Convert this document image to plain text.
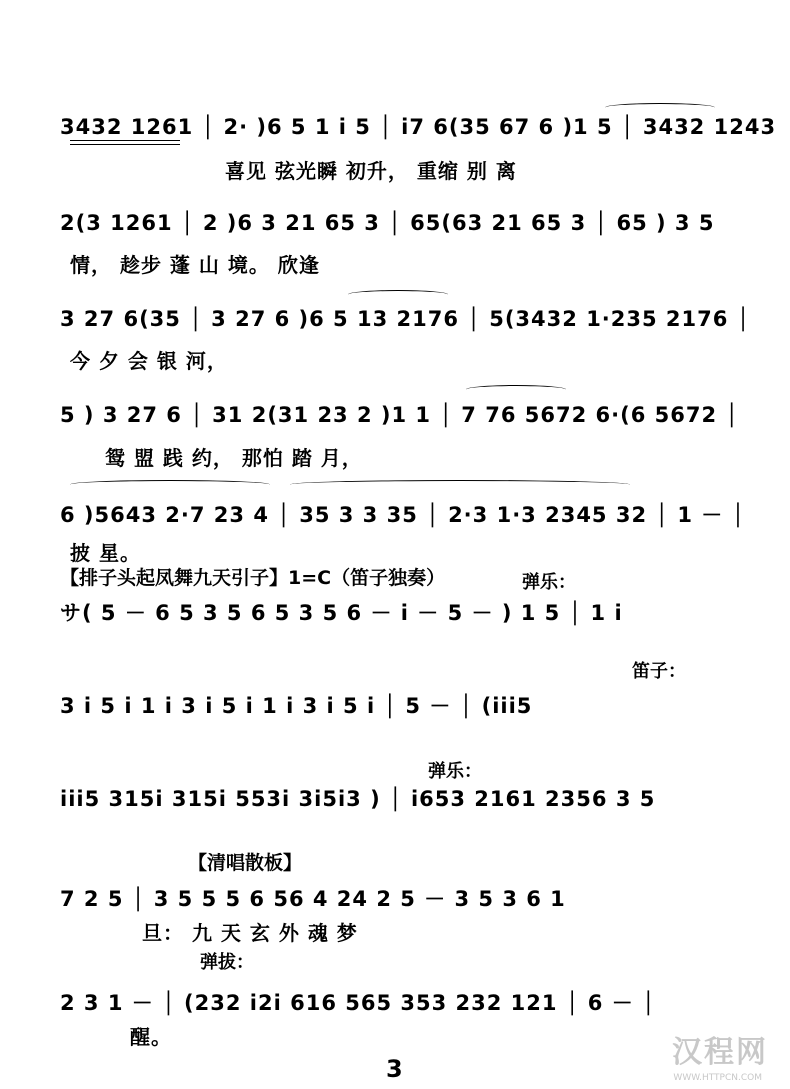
3432 1261 │ 2· )6 5 1 i 5 │ i7 6(35 67 6 )1 5 │ 3432 1243
喜见 弦光瞬 初升， 重缩 别 离
2(3 1261 │ 2 )6 3 21 65 3 │ 65(63 21 65 3 │ 65 ) 3 5
情， 趁步 蓬 山 境。 欣逢
3 27 6(35 │ 3 27 6 )6 5 13 2176 │ 5(3432 1·235 2176 │
今 夕 会 银 河，
5 ) 3 27 6 │ 31 2(31 23 2 )1 1 │ 7 76 5672 6·(6 5672 │
鸳 盟 践 约， 那怕 踏 月，
6 )5643 2·7 23 4 │ 35 3 3 35 │ 2·3 1·3 2345 32 │ 1 － │
披 星。
【排子头起凤舞九天引子】1=C（笛子独奏）	弹乐：
サ( 5 － 6 5 3 5 6 5 3 5 6 － i － 5 － ) 1 5 │ 1 i
笛子：
3 i 5 i 1 i 3 i 5 i 1 i 3 i 5 i │ 5 － │ (iii5
弹乐：
iii5 315i 315i 553i 3i5i3 ) │ i653 2161 2356 3 5
【清唱散板】
7 2 5 │ 3 5 5 5 6 56 4 24 2 5 － 3 5 3 6 1
旦： 九 天 玄 外 魂 梦
弹拔：
2 3 1 － │ (232 i2i 616 565 353 232 121 │ 6 － │
醒。
3	汉程网
WWW.HTTPCN.COM
